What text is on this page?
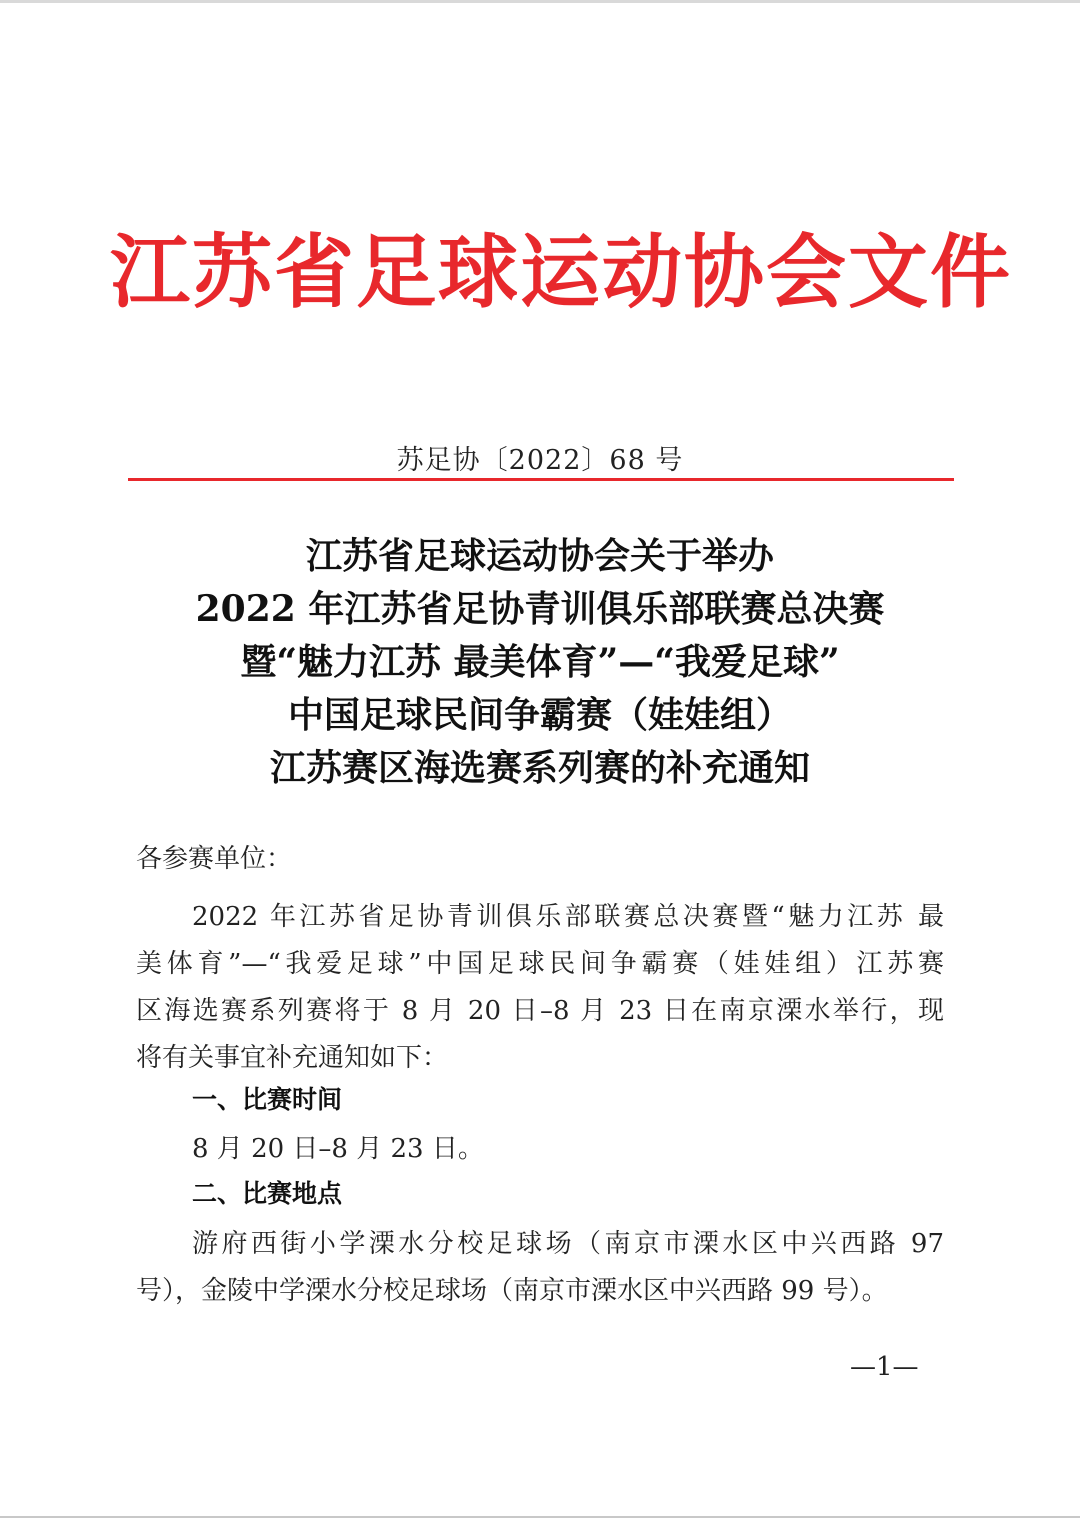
江苏省足球运动协会文件
苏足协〔2022〕68 号
江苏省足球运动协会关于举办
2022 年江苏省足协青训俱乐部联赛总决赛
暨“魅力江苏 最美体育”—“我爱足球”
中国足球民间争霸赛（娃娃组）
江苏赛区海选赛系列赛的补充通知
各参赛单位：
2022 年江苏省足协青训俱乐部联赛总决赛暨“魅力江苏 最
美体育”—“我爱足球”中国足球民间争霸赛（娃娃组）江苏赛
区海选赛系列赛将于 8 月 20 日–8 月 23 日在南京溧水举行，现
将有关事宜补充通知如下：
一、比赛时间
8 月 20 日–8 月 23 日。
二、比赛地点
游府西街小学溧水分校足球场（南京市溧水区中兴西路 97
号），金陵中学溧水分校足球场（南京市溧水区中兴西路 99 号）。
—1—
